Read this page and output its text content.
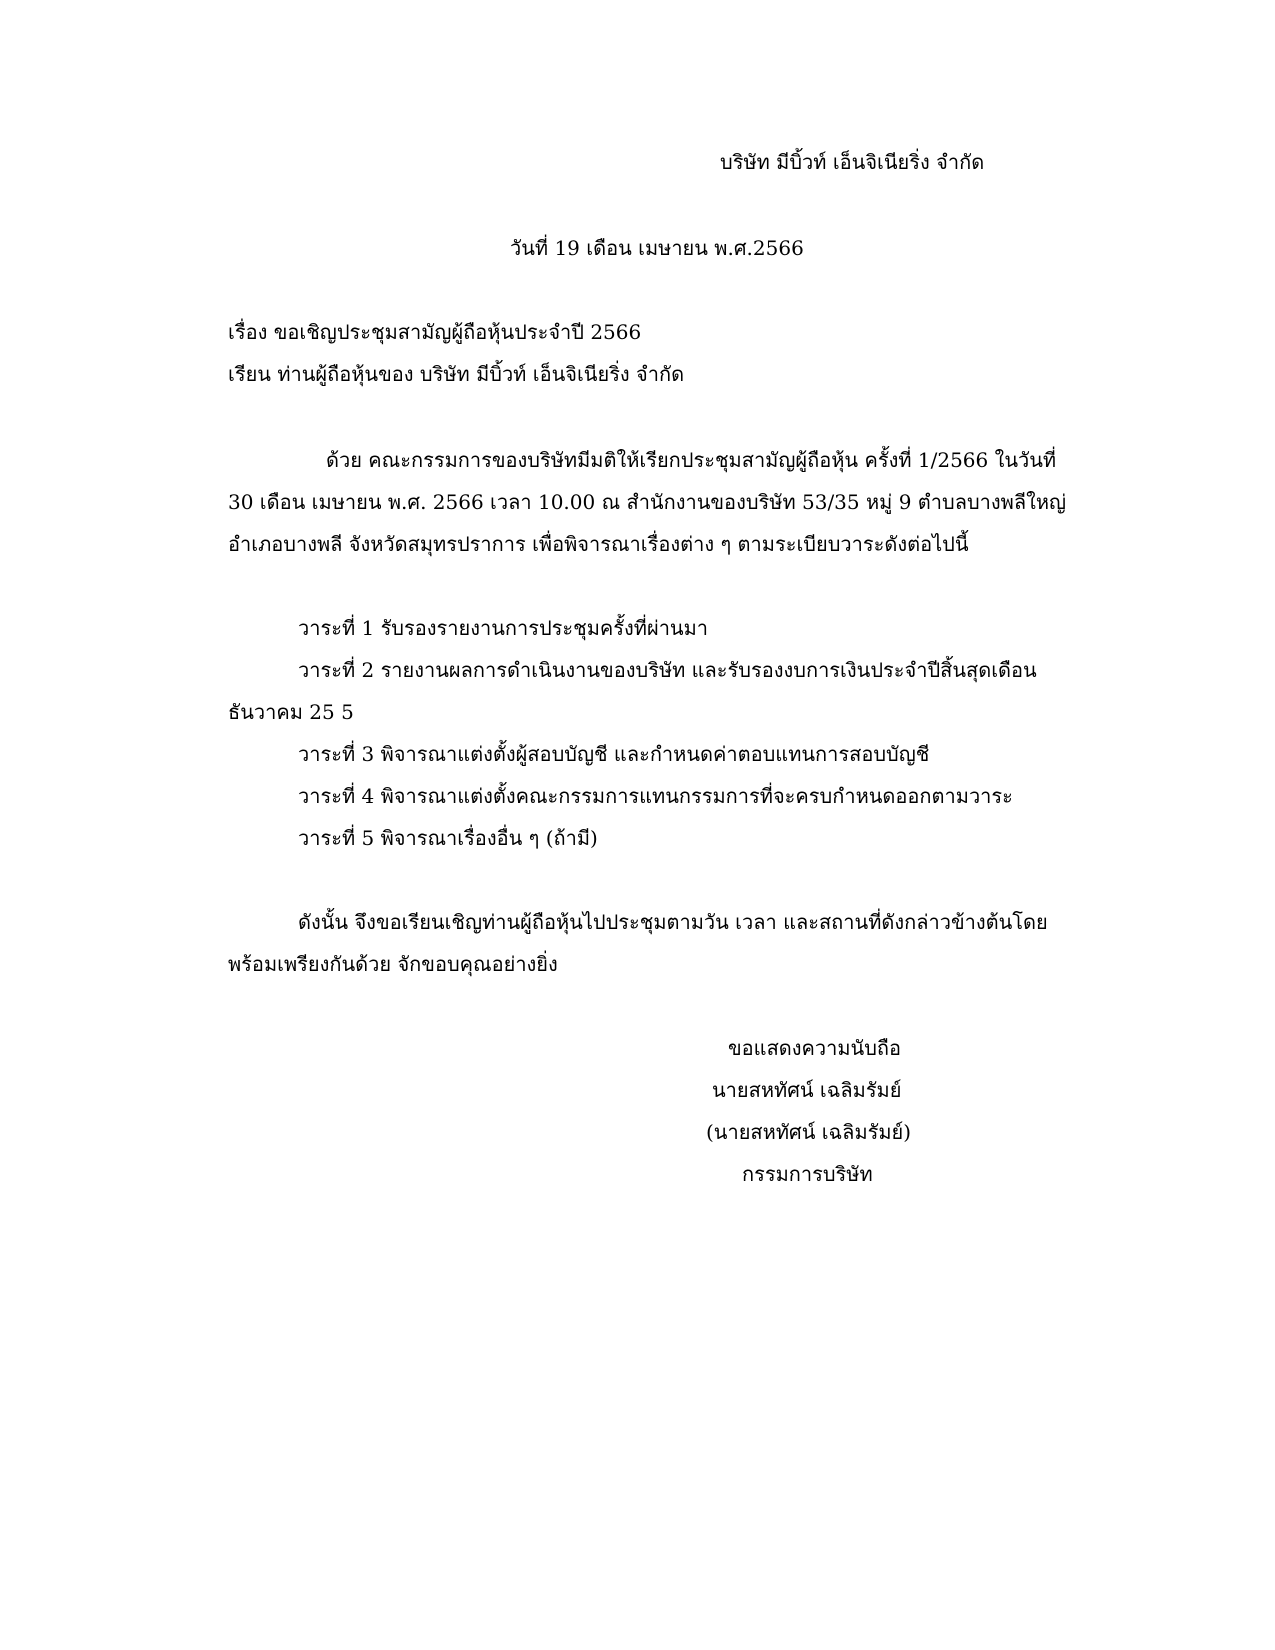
บริษัท มีบิ้วท์ เอ็นจิเนียริ่ง จำกัด

วันที่ 19 เดือน เมษายน พ.ศ.2566

เรื่อง ขอเชิญประชุมสามัญผู้ถือหุ้นประจำปี 2566

เรียน ท่านผู้ถือหุ้นของ บริษัท มีบิ้วท์ เอ็นจิเนียริ่ง จำกัด

ด้วย คณะกรรมการของบริษัทมีมติให้เรียกประชุมสามัญผู้ถือหุ้น ครั้งที่ 1/2566 ในวันที่

30 เดือน เมษายน พ.ศ. 2566 เวลา 10.00 ณ สำนักงานของบริษัท 53/35 หมู่ 9 ตำบลบางพลีใหญ่

อำเภอบางพลี จังหวัดสมุทรปราการ เพื่อพิจารณาเรื่องต่าง ๆ ตามระเบียบวาระดังต่อไปนี้

วาระที่ 1 รับรองรายงานการประชุมครั้งที่ผ่านมา

วาระที่ 2 รายงานผลการดำเนินงานของบริษัท และรับรองงบการเงินประจำปีสิ้นสุดเดือน

ธันวาคม 25 5

วาระที่ 3 พิจารณาแต่งตั้งผู้สอบบัญชี และกำหนดค่าตอบแทนการสอบบัญชี

วาระที่ 4 พิจารณาแต่งตั้งคณะกรรมการแทนกรรมการที่จะครบกำหนดออกตามวาระ

วาระที่ 5 พิจารณาเรื่องอื่น ๆ (ถ้ามี)

ดังนั้น จึงขอเรียนเชิญท่านผู้ถือหุ้นไปประชุมตามวัน เวลา และสถานที่ดังกล่าวข้างต้นโดย

พร้อมเพรียงกันด้วย จักขอบคุณอย่างยิ่ง

ขอแสดงความนับถือ

นายสหทัศน์ เฉลิมรัมย์

(นายสหทัศน์ เฉลิมรัมย์)

กรรมการบริษัท
